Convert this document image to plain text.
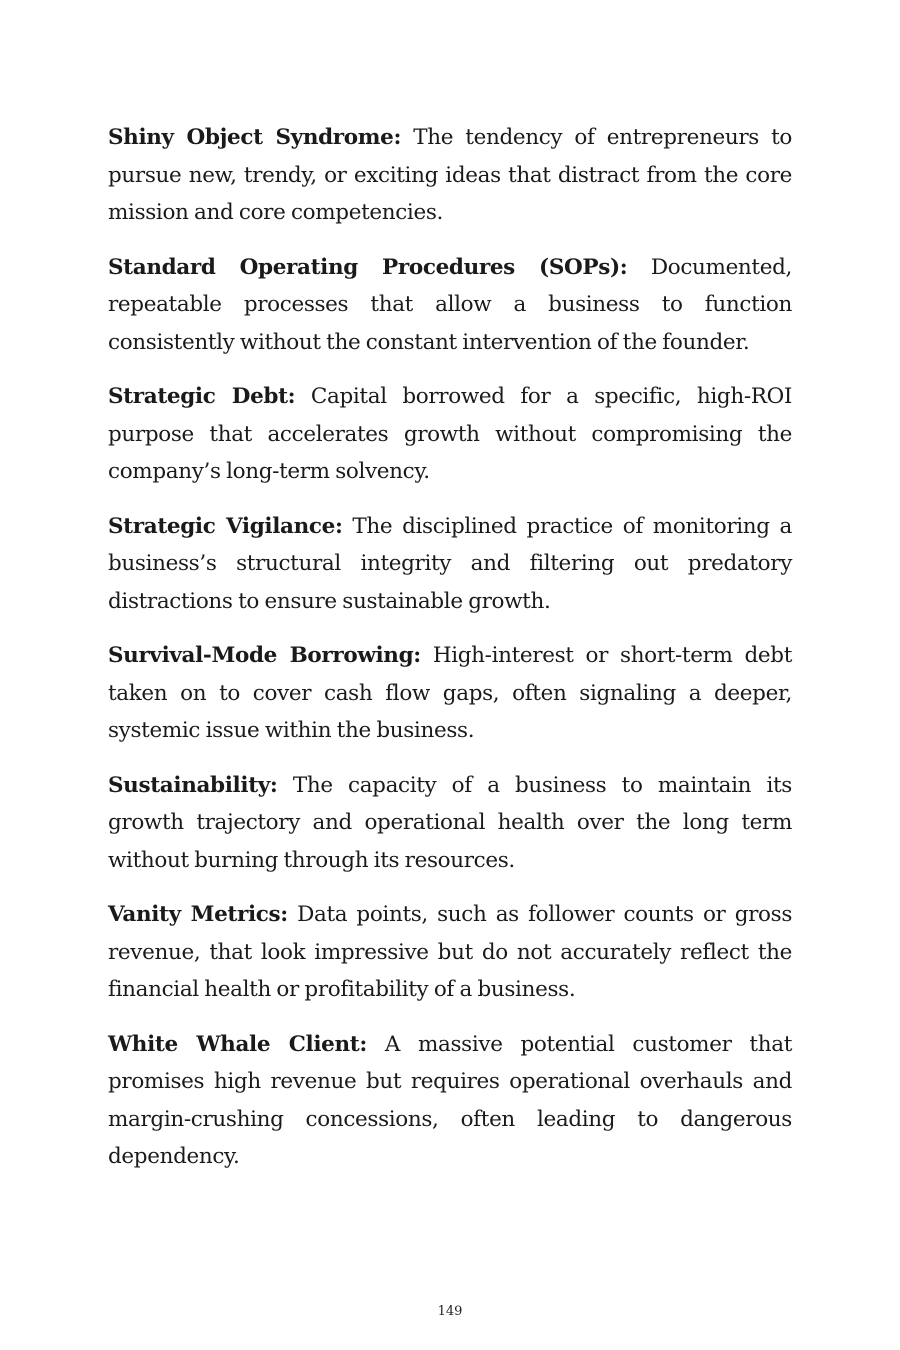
Shiny Object Syndrome: The tendency of entrepreneurs to pursue new, trendy, or exciting ideas that distract from the core mission and core competencies.

Standard Operating Procedures (SOPs): Documented, repeatable processes that allow a business to function consistently without the constant intervention of the founder.

Strategic Debt: Capital borrowed for a specific, high-ROI purpose that accelerates growth without compromising the company’s long-term solvency.

Strategic Vigilance: The disciplined practice of monitoring a business’s structural integrity and filtering out predatory distractions to ensure sustainable growth.

Survival-Mode Borrowing: High-interest or short-term debt taken on to cover cash flow gaps, often signaling a deeper, systemic issue within the business.

Sustainability: The capacity of a business to maintain its growth trajectory and operational health over the long term without burning through its resources.

Vanity Metrics: Data points, such as follower counts or gross revenue, that look impressive but do not accurately reflect the financial health or profitability of a business.

White Whale Client: A massive potential customer that promises high revenue but requires operational overhauls and margin-crushing concessions, often leading to dangerous dependency.

149
